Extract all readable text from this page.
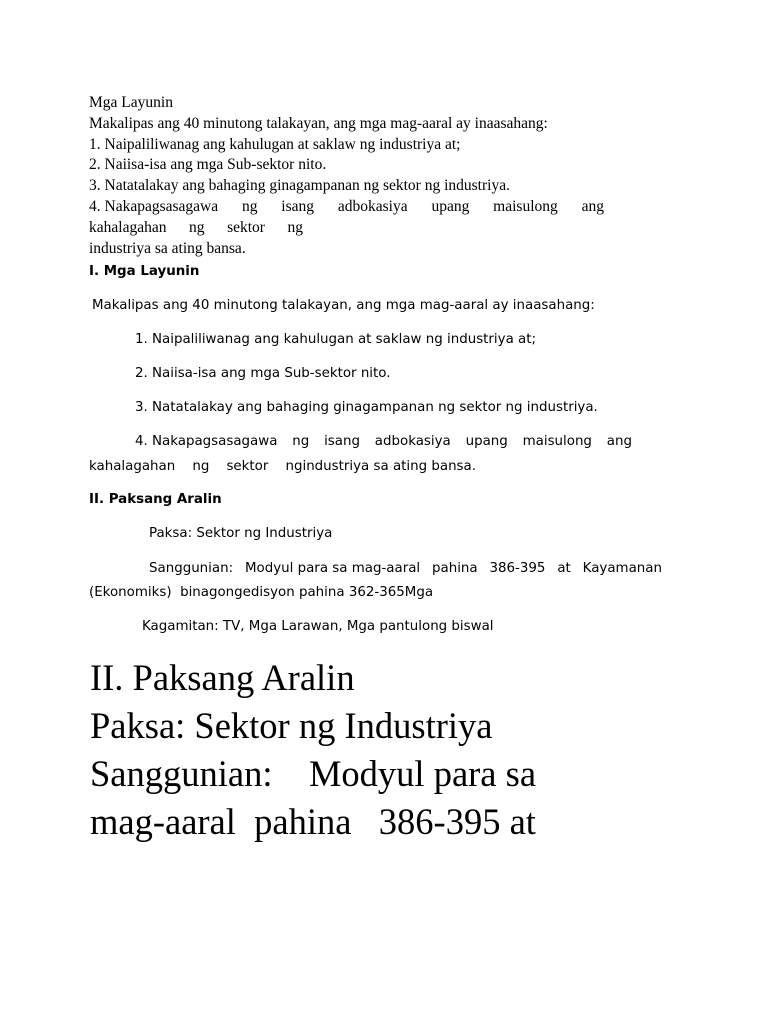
Mga Layunin
Makalipas ang 40 minutong talakayan, ang mga mag-aaral ay inaasahang:
1. Naipaliliwanag ang kahulugan at saklaw ng industriya at;
2. Naiisa-isa ang mga Sub-sektor nito.
3. Natatalakay ang bahaging ginagampanan ng sektor ng industriya.
4. Nakapagsasagawa ng isang adbokasiya upang maisulong ang
kahalagahan ng sektor ng
industriya sa ating bansa.
I. Mga Layunin
Makalipas ang 40 minutong talakayan, ang mga mag-aaral ay inaasahang:
1. Naipaliliwanag ang kahulugan at saklaw ng industriya at;
2. Naiisa-isa ang mga Sub-sektor nito.
3. Natatalakay ang bahaging ginagampanan ng sektor ng industriya.
4. Nakapagsasagawa ng isang adbokasiya upang maisulong ang
kahalagahan ng sektor ngindustriya sa ating bansa.
II. Paksang Aralin
Paksa: Sektor ng Industriya
Sanggunian: Modyul para sa mag-aaral pahina 386-395 at Kayamanan
(Ekonomiks)  binagongedisyon pahina 362-365Mga
Kagamitan: TV, Mga Larawan, Mga pantulong biswal
II. Paksang Aralin
Paksa: Sektor ng Industriya
Sanggunian:    Modyul para sa
mag-aaral  pahina   386-395 at
